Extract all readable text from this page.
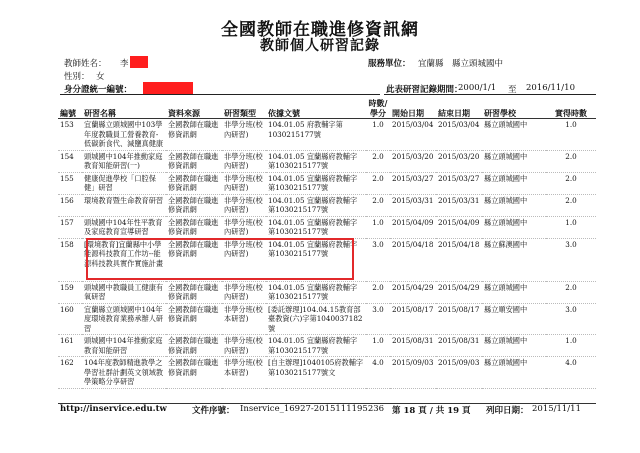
全國教師在職進修資訊網
教師個人研習記錄
教師姓名： 李
性別： 女
身分證統一編號：
服務單位： 宜蘭縣　縣立頭城國中
此表研習記錄期間：
2000/1/1 至 2016/11/10
編號	研習名稱	資料來源	研習類型	依據文號	時數/學分	開始日期	結束日期	研習學校	實得時數
153	宜蘭縣立頭城國中103學年度教職員工營養教育-低碳新食代、減鹽真健康	全國教師在職進修資訊網	非學分班(校內研習)	104.01.05 府教輔字第1030215177號	1.0	2015/03/04	2015/03/04	縣立頭城國中	1.0
154	頭城國中104年推動家庭教育知能研習(一)	全國教師在職進修資訊網	非學分班(校內研習)	104.01.05 宜蘭縣府教輔字第1030215177號	2.0	2015/03/20	2015/03/20	縣立頭城國中	2.0
155	健康促進學校「口腔保健」研習	全國教師在職進修資訊網	非學分班(校內研習)	104.01.05 宜蘭縣府教輔字第1030215177號	2.0	2015/03/27	2015/03/27	縣立頭城國中	2.0
156	環境教育暨生命教育研習	全國教師在職進修資訊網	非學分班(校內研習)	104.01.05 宜蘭縣府教輔字第1030215177號	2.0	2015/03/31	2015/03/31	縣立頭城國中	2.0
157	頭城國中104年性平教育及家庭教育宣導研習	全國教師在職進修資訊網	非學分班(校內研習)	104.01.05 宜蘭縣府教輔字第1030215177號	1.0	2015/04/09	2015/04/09	縣立頭城國中	1.0
158	[環境教育]宜蘭縣中小學能源科技教育工作坊--能源科技教具實作實施計畫	全國教師在職進修資訊網	非學分班(校內研習)	104.01.05 宜蘭縣府教輔字第1030215177號	3.0	2015/04/18	2015/04/18	縣立蘇澳國中	3.0
159	頭城國中教職員工健康有氧研習	全國教師在職進修資訊網	非學分班(校內研習)	104.01.05 宜蘭縣府教輔字第1030215177號	2.0	2015/04/29	2015/04/29	縣立頭城國中	2.0
160	宜蘭縣立頭城國中104年度環境教育業務承辦人研習	全國教師在職進修資訊網	非學分班(校本研習)	[委託辦理]104.04.15教育部臺教資(六)字第1040037182號	3.0	2015/08/17	2015/08/17	縣立順安國中	3.0
161	頭城國中104年推動家庭教育知能研習	全國教師在職進修資訊網	非學分班(校內研習)	104.01.05 宜蘭縣府教輔字第1030215177號	1.0	2015/08/31	2015/08/31	縣立頭城國中	1.0
162	104年度教師精進教學之學習社群計劃英文領域教學策略分享研習	全國教師在職進修資訊網	非學分班(校本研習)	[自主辦理]1040105府教輔字第1030215177號文	4.0	2015/09/03	2015/09/03	縣立頭城國中	4.0
http://inservice.edu.tw	文件序號： Inservice_16927-2015111195236 第 18 頁 / 共 19 頁 列印日期： 2015/11/11
